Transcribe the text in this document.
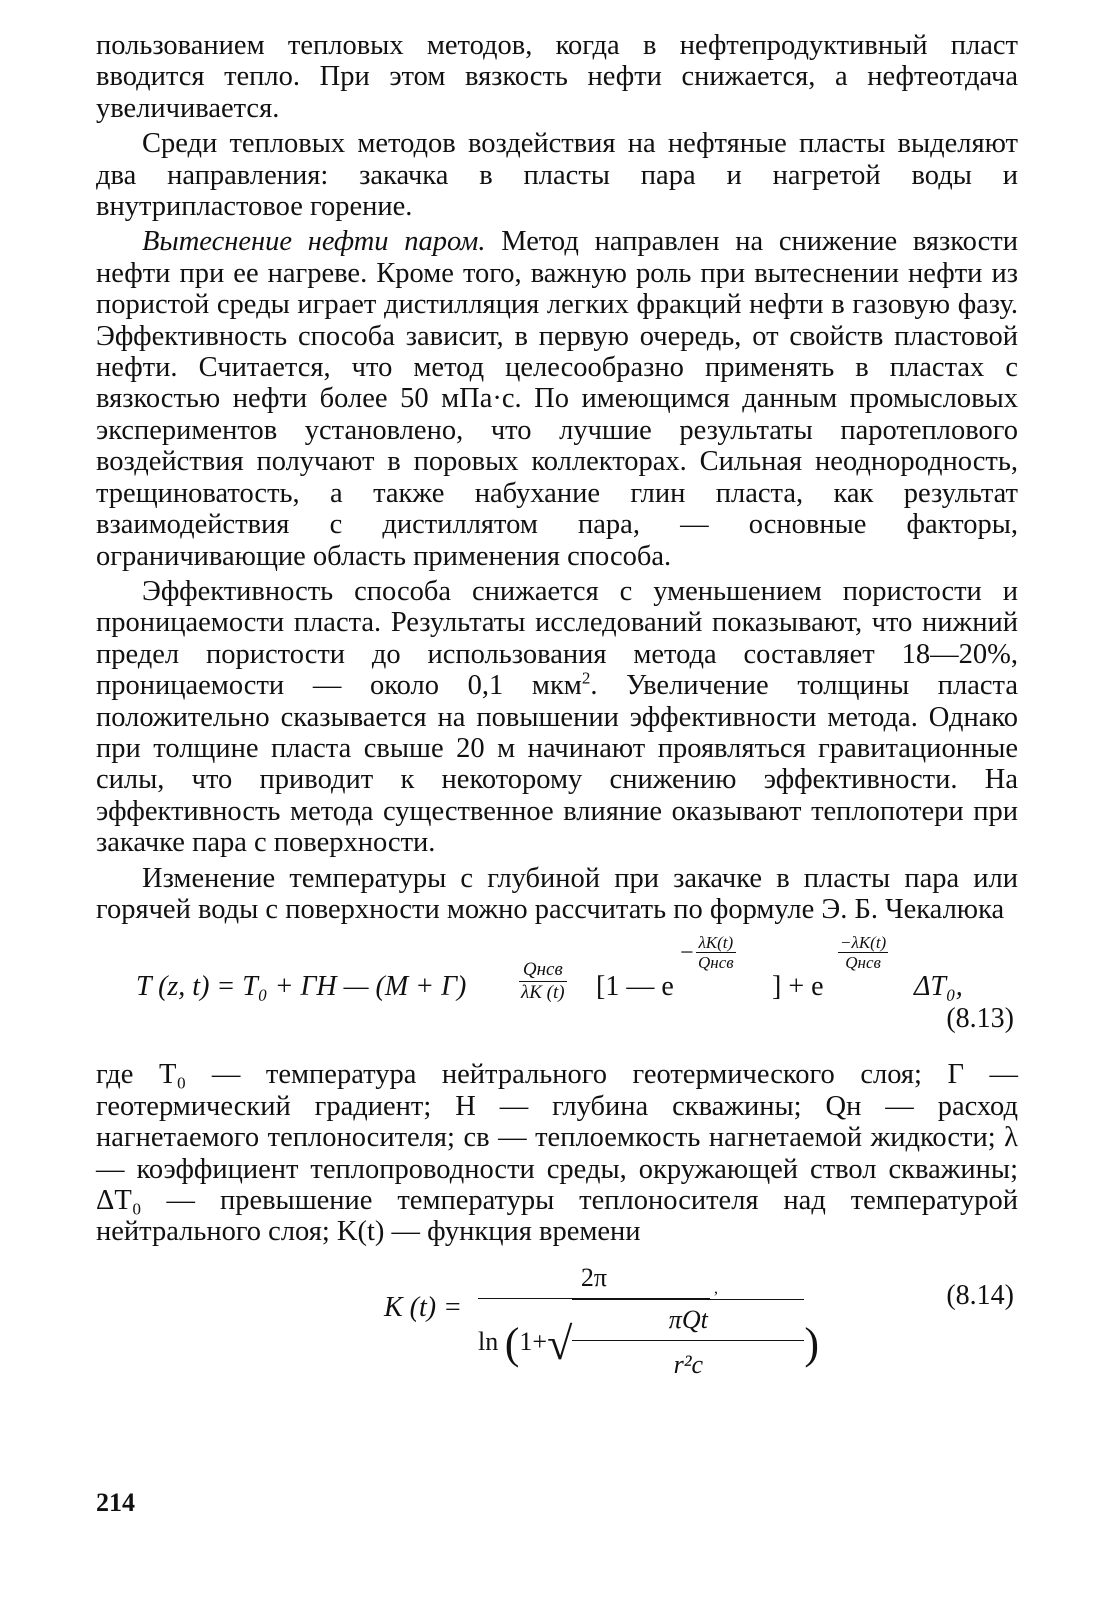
пользованием тепловых методов, когда в нефтепродуктивный пласт вводится тепло. При этом вязкость нефти снижается, а нефтеотдача увеличивается.

Среди тепловых методов воздействия на нефтяные пласты выделяют два направления: закачка в пласты пара и нагретой воды и внутрипластовое горение.

Вытеснение нефти паром. Метод направлен на снижение вязкости нефти при ее нагреве. Кроме того, важную роль при вытеснении нефти из пористой среды играет дистилляция легких фракций нефти в газовую фазу. Эффективность способа зависит, в первую очередь, от свойств пластовой нефти. Считается, что метод целесообразно применять в пластах с вязкостью нефти более 50 мПа·с. По имеющимся данным промысловых экспериментов установлено, что лучшие результаты паротеплового воздействия получают в поровых коллекторах. Сильная неоднородность, трещиноватость, а также набухание глин пласта, как результат взаимодействия с дистиллятом пара, — основные факторы, ограничивающие область применения способа.

Эффективность способа снижается с уменьшением пористости и проницаемости пласта. Результаты исследований показывают, что нижний предел пористости до использования метода составляет 18—20%, проницаемости — около 0,1 мкм$^2$. Увеличение толщины пласта положительно сказывается на повышении эффективности метода. Однако при толщине пласта свыше 20 м начинают проявляться гравитационные силы, что приводит к некоторому снижению эффективности. На эффективность метода существенное влияние оказывают теплопотери при закачке пара с поверхности.

Изменение температуры с глубиной при закачке в пласты пара или горячей воды с поверхности можно рассчитать по формуле Э. Б. Чекалюка

T (z, t) = T₀ + ΓH — (M + Γ)	$\frac{\text{Qнcв}}{\lambda K (t)} [1$ — e
− λK(t)
Qнcв
] + e
−λK(t)
Qнcв
ΔT₀,
(8.13)

где T₀ — температура нейтрального геотермического слоя; Г — геотермический градиент; H — глубина скважины; Qн — расход нагнетаемого теплоносителя; cв — теплоемкость нагнетаемой жидкости; λ — коэффициент теплопроводности среды, окружающей ствол скважины; ΔT₀ — превышение температуры теплоносителя над температурой нейтрального слоя; K(t) — функция времени

K (t) =
2π
$\ln (1+√ \frac{\text{πQt}}{\text{r²c}}$ )
,	(8.14)
214
